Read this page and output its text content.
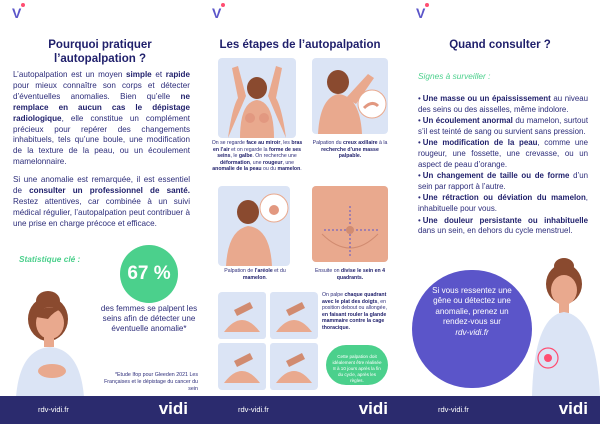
V
Pourquoi pratiquer l’autopalpation ?

L’autopalpation est un moyen simple et rapide pour mieux connaître son corps et détecter d’éventuelles anomalies. Bien qu’elle ne remplace en aucun cas le dépistage radiologique, elle constitue un complément précieux pour repérer des changements inhabituels, tels qu’une boule, une modification de la texture de la peau, ou un écoulement mamelonnaire.

Si une anomalie est remarquée, il est essentiel de consulter un professionnel de santé. Restez attentives, car combinée à un suivi médical régulier, l’autopalpation peut contribuer à une prise en charge précoce et efficace.

Statistique clé :
67 %
des femmes se palpent les seins afin de détecter une éventuelle anomalie*
*Etude Ifop pour Gleeden 2021 Les Françaises et le dépistage du cancer du sein
rdv-vidi.fr	vidi
V
Les étapes de l’autopalpation
On se regarde face au miroir, les bras en l’air et on regarde la forme de ses seins, le galbe. On recherche une déformation, une rougeur, une anomalie de la peau ou du mamelon.
Palpation du creux axillaire à la recherche d’une masse palpable.
Palpation de l’aréole et du mamelon.
Ensuite on divise le sein en 4 quadrants.
On palpe chaque quadrant avec le plat des doigts, en position debout ou allongée, en faisant rouler la glande mammaire contre la cage thoracique.
Cette palpation doit idéalement être réalisée 8 à 10 jours après la fin du cycle, après les règles.
rdv-vidi.fr	vidi
V
Quand consulter ?
Signes à surveiller :
• Une masse ou un épaississement au niveau des seins ou des aisselles, même indolore.
• Un écoulement anormal du mamelon, surtout s’il est teinté de sang ou survient sans pression.
• Une modification de la peau, comme une rougeur, une fossette, une crevasse, ou un aspect de peau d’orange.
• Un changement de taille ou de forme d’un sein par rapport à l’autre.
• Une rétraction ou déviation du mamelon, inhabituelle pour vous.
• Une douleur persistante ou inhabituelle dans un sein, en dehors du cycle menstruel.
Si vous ressentez une gêne ou détectez une anomalie, prenez un rendez-vous sur
rdv-vidi.fr
rdv-vidi.fr	vidi
